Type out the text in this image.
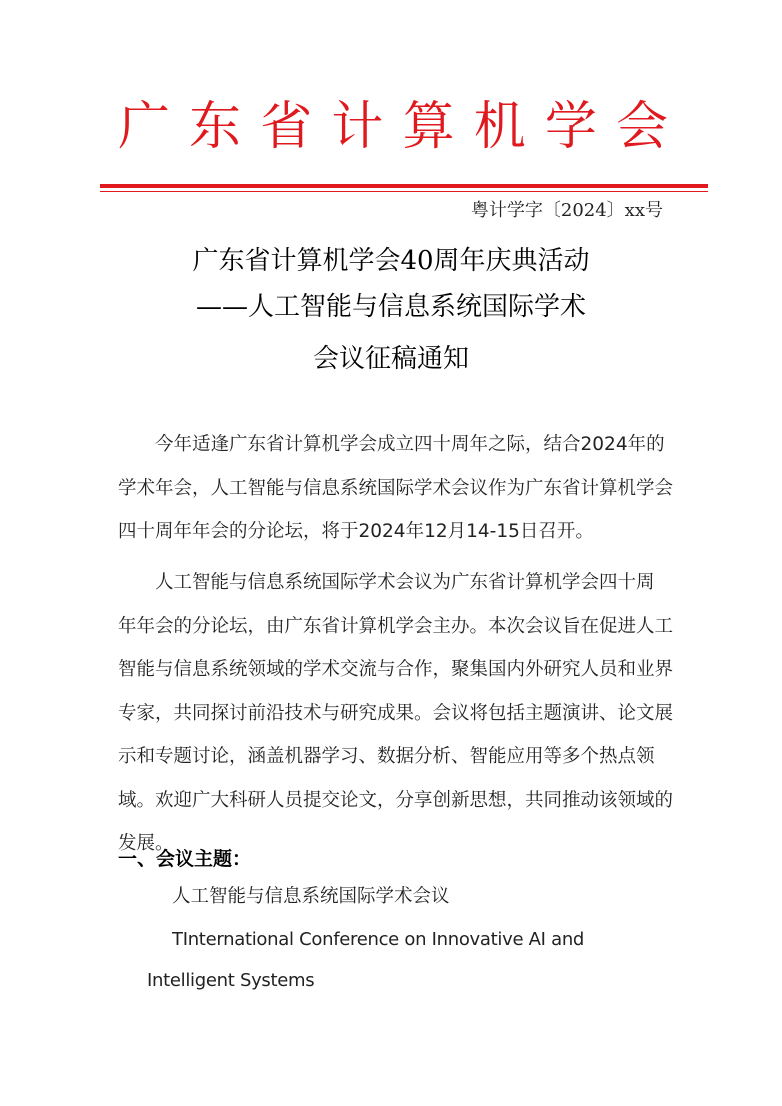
广东省计算机学会
粤计学字〔2024〕xx号
广东省计算机学会40周年庆典活动
——人工智能与信息系统国际学术
会议征稿通知
今年适逢广东省计算机学会成立四十周年之际，结合2024年的
学术年会，人工智能与信息系统国际学术会议作为广东省计算机学会
四十周年年会的分论坛，将于2024年12月14-15日召开。
人工智能与信息系统国际学术会议为广东省计算机学会四十周
年年会的分论坛，由广东省计算机学会主办。本次会议旨在促进人工
智能与信息系统领域的学术交流与合作，聚集国内外研究人员和业界
专家，共同探讨前沿技术与研究成果。会议将包括主题演讲、论文展
示和专题讨论，涵盖机器学习、数据分析、智能应用等多个热点领
域。欢迎广大科研人员提交论文，分享创新思想，共同推动该领域的
发展。
一、会议主题：
人工智能与信息系统国际学术会议
TInternational Conference on Innovative AI and
Intelligent Systems
